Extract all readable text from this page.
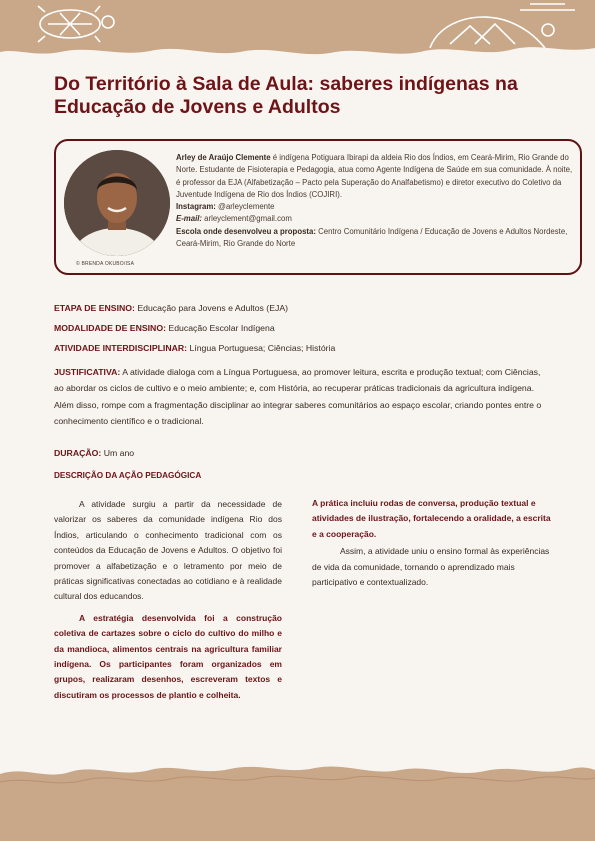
Do Território à Sala de Aula: saberes indígenas na Educação de Jovens e Adultos
© BRENDA OKUBO/ISA
Arley de Araújo Clemente é indígena Potiguara Ibirapi da aldeia Rio dos Índios, em Ceará-Mirim, Rio Grande do Norte. Estudante de Fisioterapia e Pedagogia, atua como Agente Indígena de Saúde em sua comunidade. À noite, é professor da EJA (Alfabetização – Pacto pela Superação do Analfabetismo) e diretor executivo do Coletivo da Juventude Indígena de Rio dos Índios (COJIRI).
Instagram: @arleyclemente
E-mail: arleyclement@gmail.com
Escola onde desenvolveu a proposta: Centro Comunitário Indígena / Educação de Jovens e Adultos Nordeste, Ceará-Mirim, Rio Grande do Norte
ETAPA DE ENSINO: Educação para Jovens e Adultos (EJA)
MODALIDADE DE ENSINO: Educação Escolar Indígena
ATIVIDADE INTERDISCIPLINAR: Língua Portuguesa; Ciências; História
JUSTIFICATIVA: A atividade dialoga com a Língua Portuguesa, ao promover leitura, escrita e produção textual; com Ciências, ao abordar os ciclos de cultivo e o meio ambiente; e, com História, ao recuperar práticas tradicionais da agricultura indígena. Além disso, rompe com a fragmentação disciplinar ao integrar saberes comunitários ao espaço escolar, criando pontes entre o conhecimento científico e o tradicional.
DURAÇÃO: Um ano
DESCRIÇÃO DA AÇÃO PEDAGÓGICA

A atividade surgiu a partir da necessidade de valorizar os saberes da comunidade indígena Rio dos Índios, articulando o conhecimento tradicional com os conteúdos da Educação de Jovens e Adultos. O objetivo foi promover a alfabetização e o letramento por meio de práticas significativas conectadas ao cotidiano e à realidade cultural dos educandos.

A estratégia desenvolvida foi a construção coletiva de cartazes sobre o ciclo do cultivo do milho e da mandioca, alimentos centrais na agricultura familiar indígena. Os participantes foram organizados em grupos, realizaram desenhos, escreveram textos e discutiram os processos de plantio e colheita.

A prática incluiu rodas de conversa, produção textual e atividades de ilustração, fortalecendo a oralidade, a escrita e a cooperação.

Assim, a atividade uniu o ensino formal às experiências de vida da comunidade, tornando o aprendizado mais participativo e contextualizado.
